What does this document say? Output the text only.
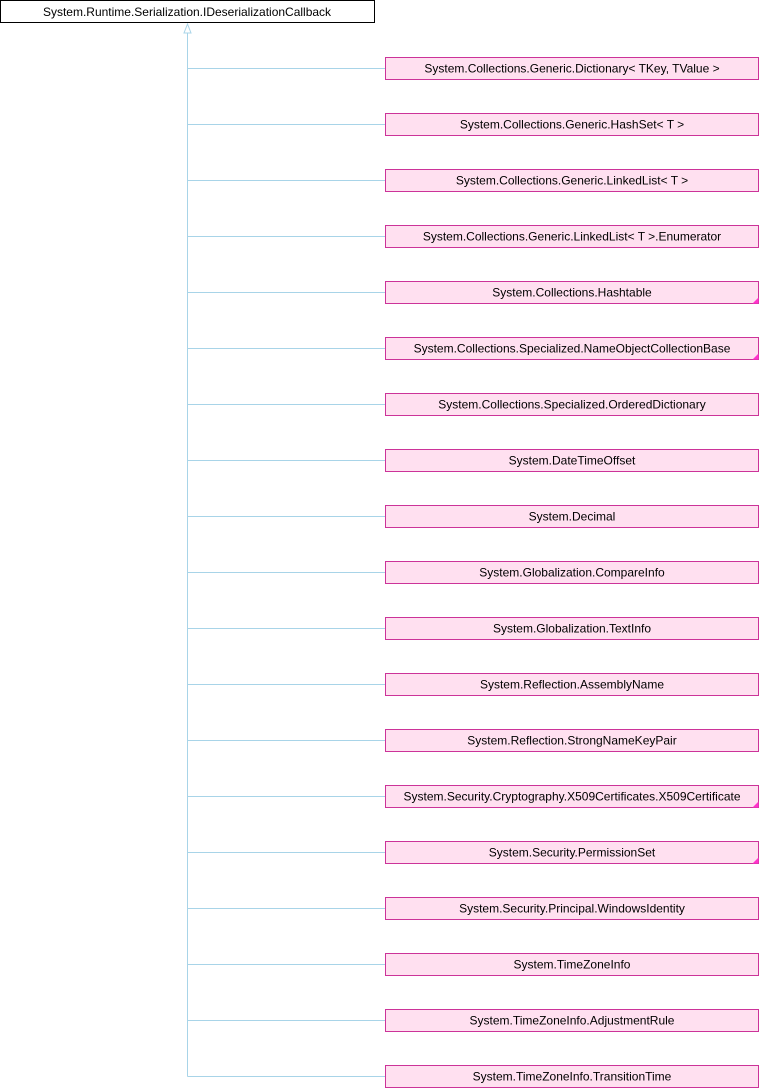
System.Runtime.Serialization.IDeserializationCallback
System.Collections.Generic.Dictionary< TKey, TValue >
System.Collections.Generic.HashSet< T >
System.Collections.Generic.LinkedList< T >
System.Collections.Generic.LinkedList< T >.Enumerator
System.Collections.Hashtable
System.Collections.Specialized.NameObjectCollectionBase
System.Collections.Specialized.OrderedDictionary
System.DateTimeOffset
System.Decimal
System.Globalization.CompareInfo
System.Globalization.TextInfo
System.Reflection.AssemblyName
System.Reflection.StrongNameKeyPair
System.Security.Cryptography.X509Certificates.X509Certificate
System.Security.PermissionSet
System.Security.Principal.WindowsIdentity
System.TimeZoneInfo
System.TimeZoneInfo.AdjustmentRule
System.TimeZoneInfo.TransitionTime
